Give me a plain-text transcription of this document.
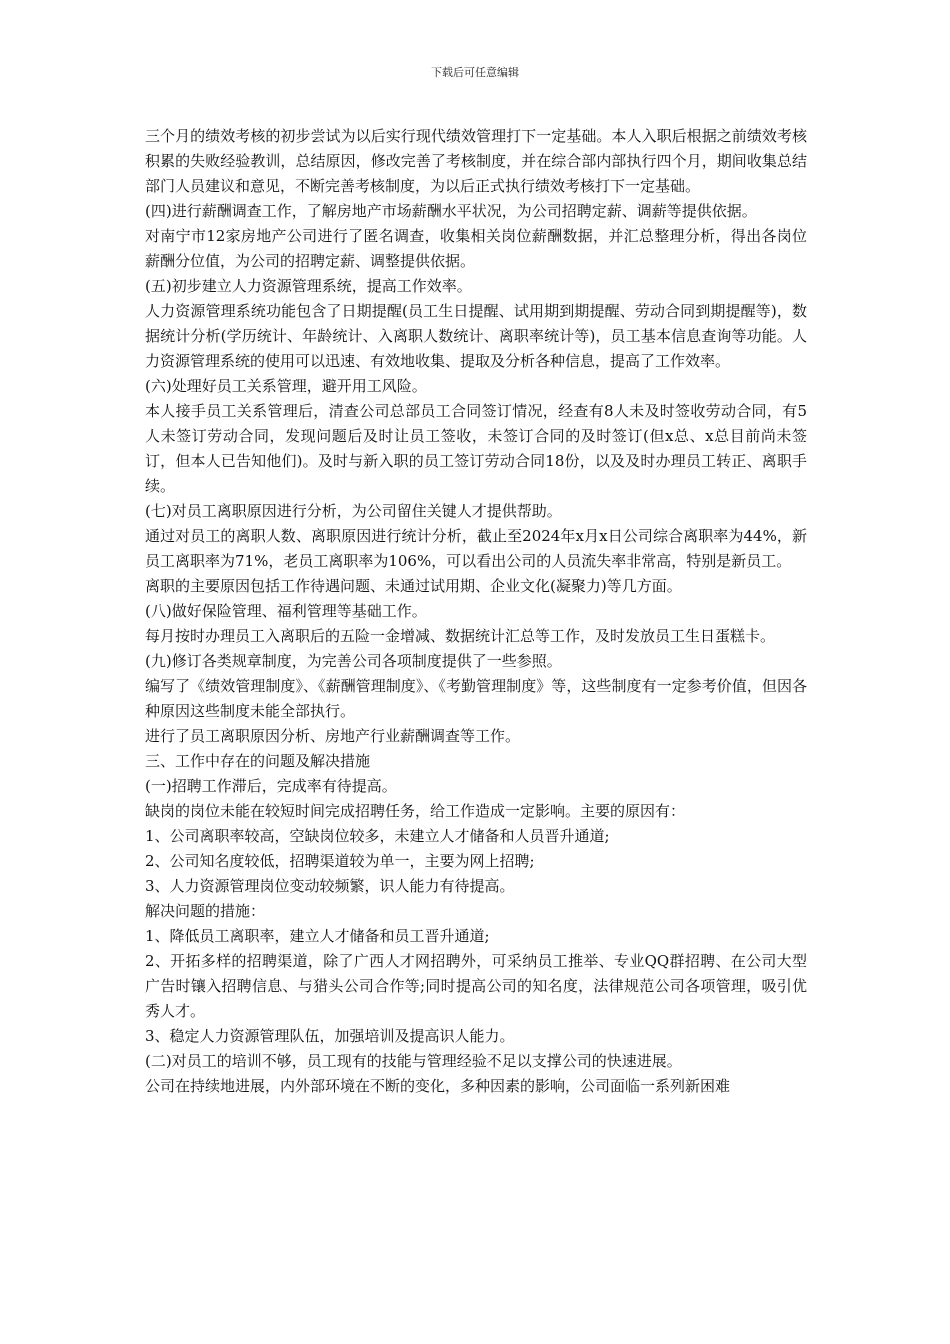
下载后可任意编辑

三个月的绩效考核的初步尝试为以后实行现代绩效管理打下一定基础。本人入职后根据之前绩效考核积累的失败经验教训，总结原因，修改完善了考核制度，并在综合部内部执行四个月，期间收集总结部门人员建议和意见，不断完善考核制度，为以后正式执行绩效考核打下一定基础。

(四)进行薪酬调查工作，了解房地产市场薪酬水平状况，为公司招聘定薪、调薪等提供依据。

对南宁市12家房地产公司进行了匿名调查，收集相关岗位薪酬数据，并汇总整理分析，得出各岗位薪酬分位值，为公司的招聘定薪、调整提供依据。

(五)初步建立人力资源管理系统，提高工作效率。

人力资源管理系统功能包含了日期提醒(员工生日提醒、试用期到期提醒、劳动合同到期提醒等)，数据统计分析(学历统计、年龄统计、入离职人数统计、离职率统计等)，员工基本信息查询等功能。人力资源管理系统的使用可以迅速、有效地收集、提取及分析各种信息，提高了工作效率。

(六)处理好员工关系管理，避开用工风险。

本人接手员工关系管理后，清查公司总部员工合同签订情况，经查有8人未及时签收劳动合同，有5人未签订劳动合同，发现问题后及时让员工签收，未签订合同的及时签订(但x总、x总目前尚未签订，但本人已告知他们)。及时与新入职的员工签订劳动合同18份，以及及时办理员工转正、离职手续。

(七)对员工离职原因进行分析，为公司留住关键人才提供帮助。

通过对员工的离职人数、离职原因进行统计分析，截止至2024年x月x日公司综合离职率为44%，新员工离职率为71%，老员工离职率为106%，可以看出公司的人员流失率非常高，特别是新员工。

离职的主要原因包括工作待遇问题、未通过试用期、企业文化(凝聚力)等几方面。

(八)做好保险管理、福利管理等基础工作。

每月按时办理员工入离职后的五险一金增减、数据统计汇总等工作，及时发放员工生日蛋糕卡。

(九)修订各类规章制度，为完善公司各项制度提供了一些参照。

编写了《绩效管理制度》、《薪酬管理制度》、《考勤管理制度》等，这些制度有一定参考价值，但因各种原因这些制度未能全部执行。

进行了员工离职原因分析、房地产行业薪酬调查等工作。

三、工作中存在的问题及解决措施

(一)招聘工作滞后，完成率有待提高。

缺岗的岗位未能在较短时间完成招聘任务，给工作造成一定影响。主要的原因有：

1、公司离职率较高，空缺岗位较多，未建立人才储备和人员晋升通道;

2、公司知名度较低，招聘渠道较为单一，主要为网上招聘;

3、人力资源管理岗位变动较频繁，识人能力有待提高。

解决问题的措施：

1、降低员工离职率，建立人才储备和员工晋升通道;

2、开拓多样的招聘渠道，除了广西人才网招聘外，可采纳员工推举、专业QQ群招聘、在公司大型广告时镶入招聘信息、与猎头公司合作等;同时提高公司的知名度，法律规范公司各项管理，吸引优秀人才。

3、稳定人力资源管理队伍，加强培训及提高识人能力。

(二)对员工的培训不够，员工现有的技能与管理经验不足以支撑公司的快速进展。

公司在持续地进展，内外部环境在不断的变化，多种因素的影响，公司面临一系列新困难
